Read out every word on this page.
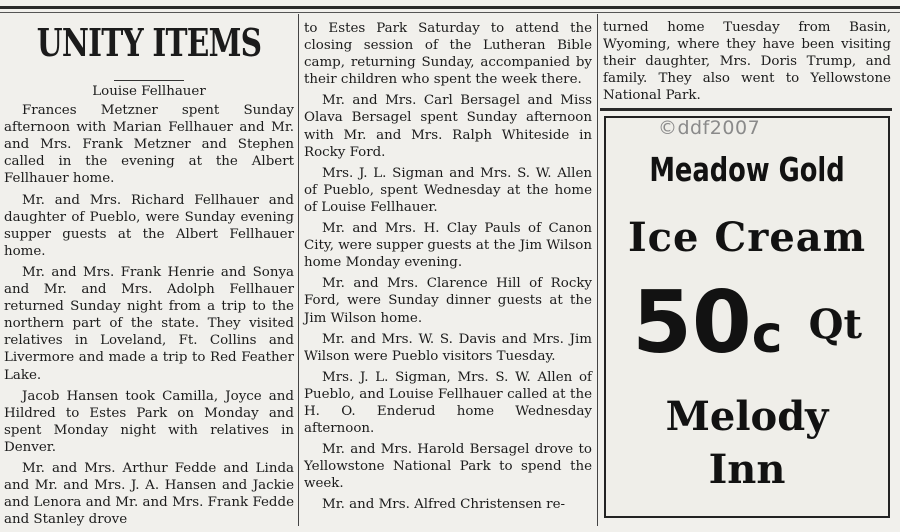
UNITY ITEMS
Louise Fellhauer

Frances Metzner spent Sunday afternoon with Marian Fellhauer and Mr. and Mrs. Frank Metzner and Stephen called in the evening at the Albert Fellhauer home.

Mr. and Mrs. Richard Fellhauer and daughter of Pueblo, were Sunday evening supper guests at the Albert Fellhauer home.

Mr. and Mrs. Frank Henrie and Sonya and Mr. and Mrs. Adolph Fellhauer returned Sunday night from a trip to the northern part of the state. They visited relatives in Loveland, Ft. Collins and Livermore and made a trip to Red Feather Lake.

Jacob Hansen took Camilla, Joyce and Hildred to Estes Park on Monday and spent Monday night with relatives in Denver.

Mr. and Mrs. Arthur Fedde and Linda and Mr. and Mrs. J. A. Hansen and Jackie and Lenora and Mr. and Mrs. Frank Fedde and Stanley drove

to Estes Park Saturday to attend the closing session of the Lutheran Bible camp, returning Sunday, accompanied by their children who spent the week there.

Mr. and Mrs. Carl Bersagel and Miss Olava Bersagel spent Sunday afternoon with Mr. and Mrs. Ralph Whiteside in Rocky Ford.

Mrs. J. L. Sigman and Mrs. S. W. Allen of Pueblo, spent Wednesday at the home of Louise Fellhauer.

Mr. and Mrs. H. Clay Pauls of Canon City, were supper guests at the Jim Wilson home Monday evening.

Mr. and Mrs. Clarence Hill of Rocky Ford, were Sunday dinner guests at the Jim Wilson home.

Mr. and Mrs. W. S. Davis and Mrs. Jim Wilson were Pueblo visitors Tuesday.

Mrs. J. L. Sigman, Mrs. S. W. Allen of Pueblo, and Louise Fellhauer called at the H. O. Enderud home Wednesday afternoon.

Mr. and Mrs. Harold Bersagel drove to Yellowstone National Park to spend the week.

Mr. and Mrs. Alfred Christensen re-

turned home Tuesday from Basin, Wyoming, where they have been visiting their daughter, Mrs. Doris Trump, and family. They also went to Yellowstone National Park.

©ddf2007
Meadow Gold
Ice Cream
50c Qt
Melody
Inn
